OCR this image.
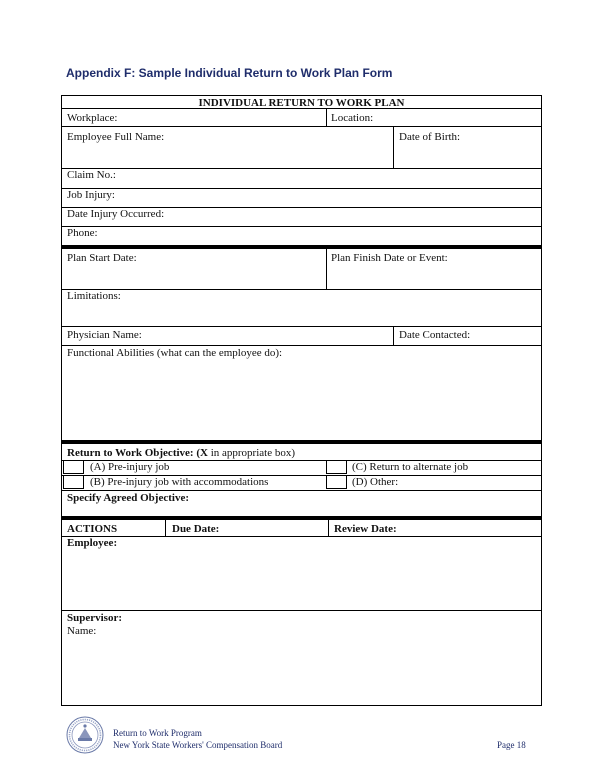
Appendix F: Sample Individual Return to Work Plan Form
INDIVIDUAL RETURN TO WORK PLAN
Workplace:	Location:
Employee Full Name:	Date of Birth:
Claim No.:
Job Injury:
Date Injury Occurred:
Phone:
Plan Start Date:	Plan Finish Date or Event:
Limitations:
Physician Name:	Date Contacted:
Functional Abilities (what can the employee do):
Return to Work Objective: (X in appropriate box)
(A) Pre-injury job	(C) Return to alternate job
(B) Pre-injury job with accommodations	(D) Other:
Specify Agreed Objective:
ACTIONS	Due Date:	Review Date:
Employee:
Supervisor:
Name:
Return to Work Program
New York State Workers' Compensation Board	Page 18
